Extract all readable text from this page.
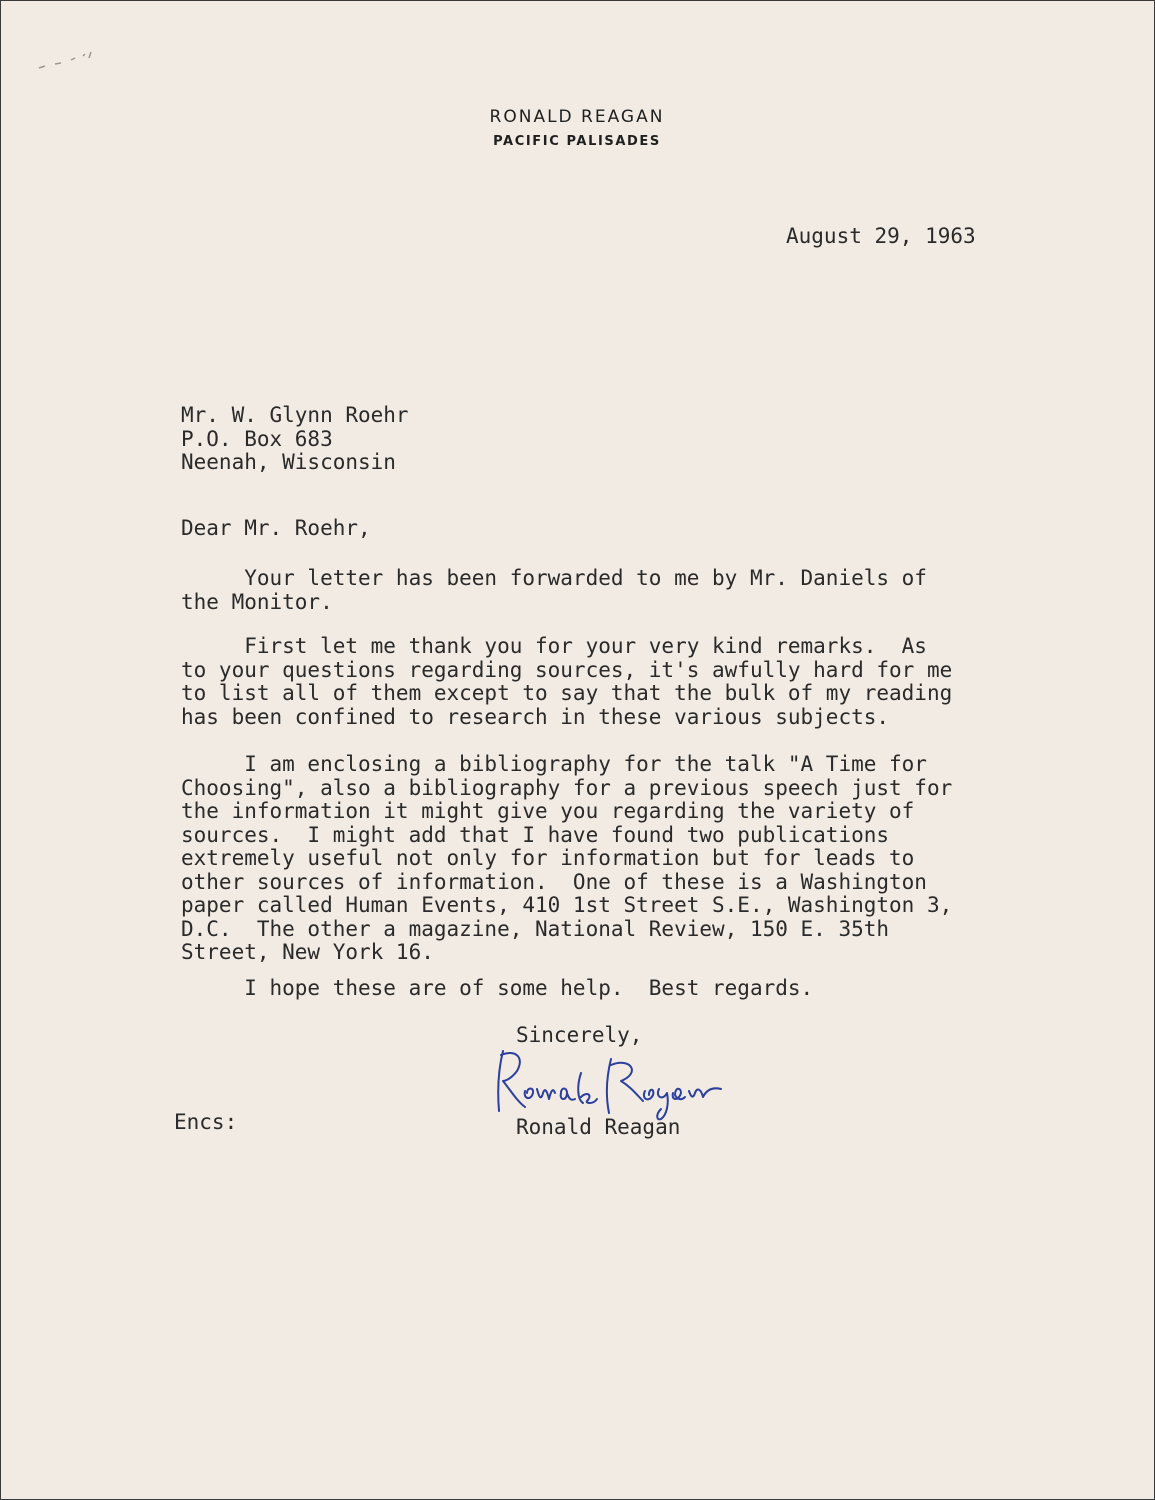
RONALD REAGAN
PACIFIC PALISADES
August 29, 1963
Mr. W. Glynn Roehr
P.O. Box 683
Neenah, Wisconsin
Dear Mr. Roehr,
Your letter has been forwarded to me by Mr. Daniels of
the Monitor.
First let me thank you for your very kind remarks.  As
to your questions regarding sources, it's awfully hard for me
to list all of them except to say that the bulk of my reading
has been confined to research in these various subjects.
I am enclosing a bibliography for the talk "A Time for
Choosing", also a bibliography for a previous speech just for
the information it might give you regarding the variety of
sources.  I might add that I have found two publications
extremely useful not only for information but for leads to
other sources of information.  One of these is a Washington
paper called Human Events, 410 1st Street S.E., Washington 3,
D.C.  The other a magazine, National Review, 150 E. 35th
Street, New York 16.
I hope these are of some help.  Best regards.
Sincerely,
Encs:	Ronald Reagan
